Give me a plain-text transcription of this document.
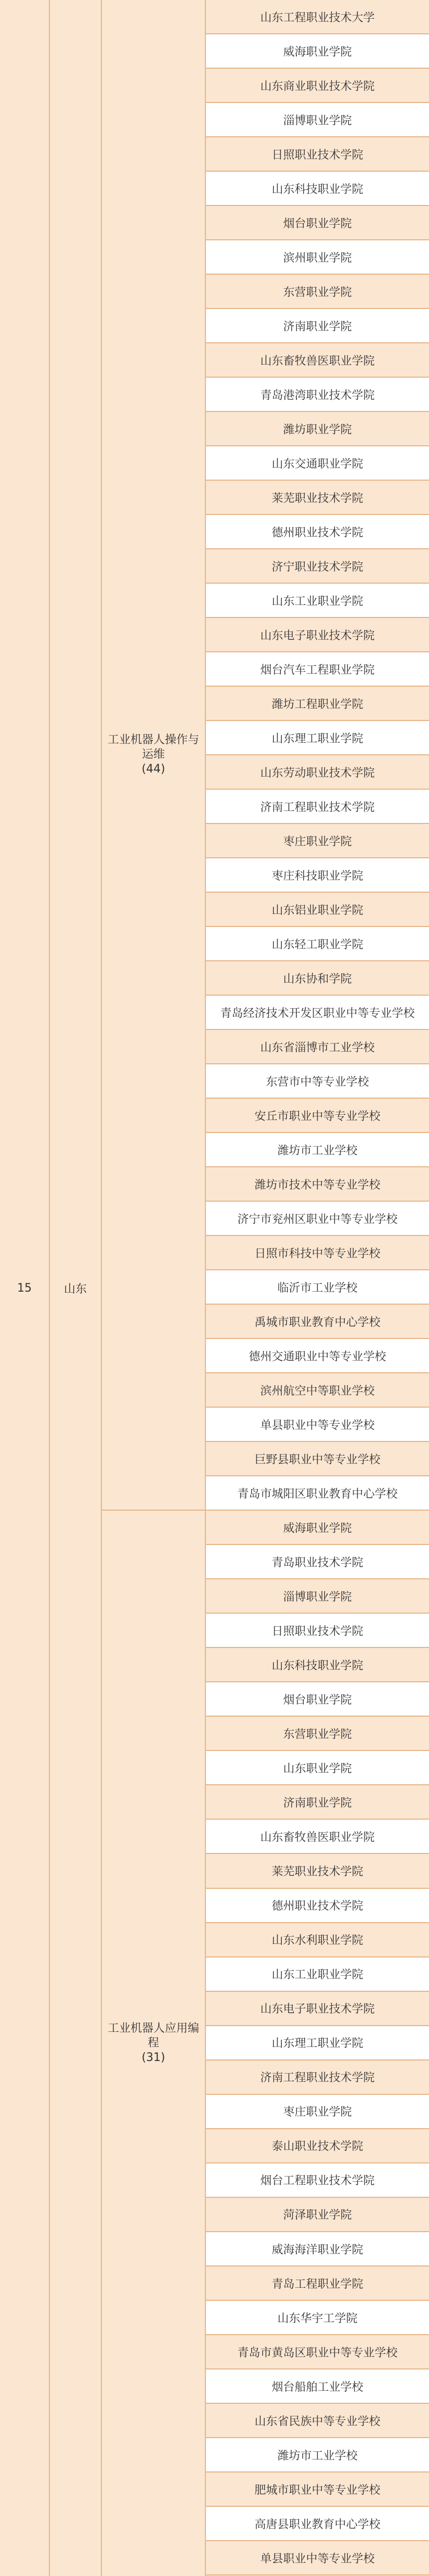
15	山东
工业机器人操作与运维
(44)
工业机器人应用编程
(31)
山东工程职业技术大学
威海职业学院
山东商业职业技术学院
淄博职业学院
日照职业技术学院
山东科技职业学院
烟台职业学院
滨州职业学院
东营职业学院
济南职业学院
山东畜牧兽医职业学院
青岛港湾职业技术学院
潍坊职业学院
山东交通职业学院
莱芜职业技术学院
德州职业技术学院
济宁职业技术学院
山东工业职业学院
山东电子职业技术学院
烟台汽车工程职业学院
潍坊工程职业学院
山东理工职业学院
山东劳动职业技术学院
济南工程职业技术学院
枣庄职业学院
枣庄科技职业学院
山东铝业职业学院
山东轻工职业学院
山东协和学院
青岛经济技术开发区职业中等专业学校
山东省淄博市工业学校
东营市中等专业学校
安丘市职业中等专业学校
潍坊市工业学校
潍坊市技术中等专业学校
济宁市兖州区职业中等专业学校
日照市科技中等专业学校
临沂市工业学校
禹城市职业教育中心学校
德州交通职业中等专业学校
滨州航空中等职业学校
单县职业中等专业学校
巨野县职业中等专业学校
青岛市城阳区职业教育中心学校
威海职业学院
青岛职业技术学院
淄博职业学院
日照职业技术学院
山东科技职业学院
烟台职业学院
东营职业学院
山东职业学院
济南职业学院
山东畜牧兽医职业学院
莱芜职业技术学院
德州职业技术学院
山东水利职业学院
山东工业职业学院
山东电子职业技术学院
山东理工职业学院
济南工程职业技术学院
枣庄职业学院
泰山职业技术学院
烟台工程职业技术学院
菏泽职业学院
威海海洋职业学院
青岛工程职业学院
山东华宇工学院
青岛市黄岛区职业中等专业学校
烟台船舶工业学校
山东省民族中等专业学校
潍坊市工业学校
肥城市职业中等专业学校
高唐县职业教育中心学校
单县职业中等专业学校
